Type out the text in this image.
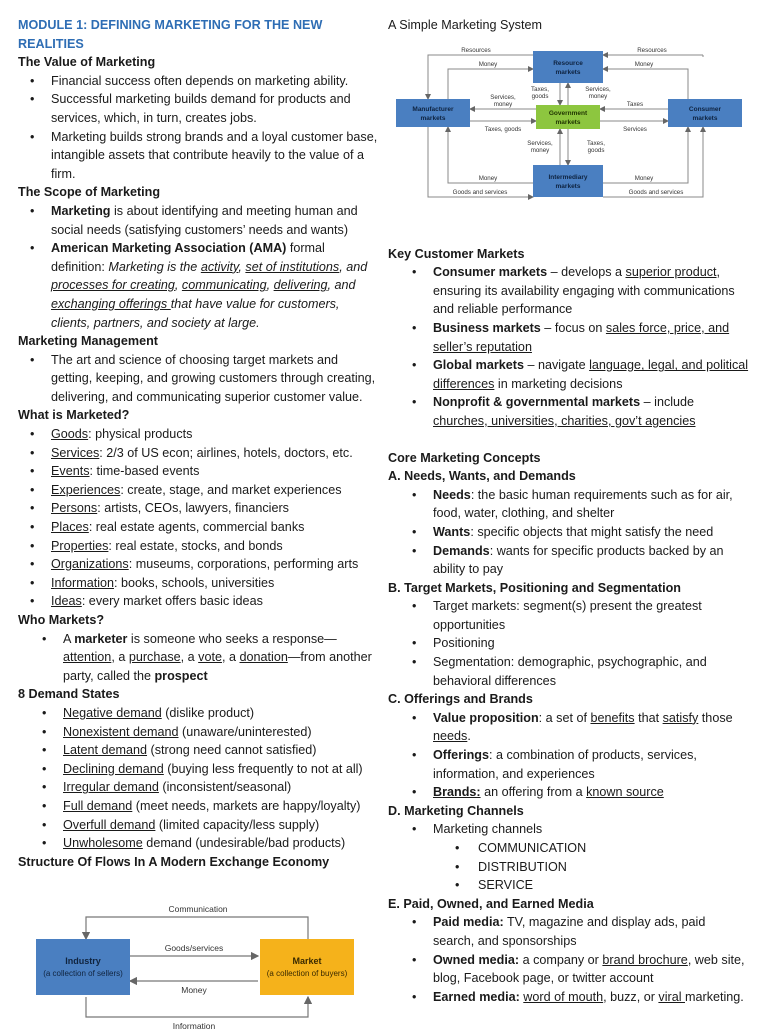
MODULE 1: DEFINING MARKETING FOR THE NEW REALITIES
The Value of Marketing
• Financial success often depends on marketing ability.
• Successful marketing builds demand for products and services, which, in turn, creates jobs.
• Marketing builds strong brands and a loyal customer base, intangible assets that contribute heavily to the value of a firm.
The Scope of Marketing
• Marketing is about identifying and meeting human and social needs (satisfying customers’ needs and wants)
• American Marketing Association (AMA) formal definition: Marketing is the activity, set of institutions, and processes for creating, communicating, delivering, and exchanging offerings that have value for customers, clients, partners, and society at large.
Marketing Management
• The art and science of choosing target markets and getting, keeping, and growing customers through creating, delivering, and communicating superior customer value.
What is Marketed?
• Goods: physical products
• Services: 2/3 of US econ; airlines, hotels, doctors, etc.
• Events: time-based events
• Experiences: create, stage, and market experiences
• Persons: artists, CEOs, lawyers, financiers
• Places: real estate agents, commercial banks
• Properties: real estate, stocks, and bonds
• Organizations: museums, corporations, performing arts
• Information: books, schools, universities
• Ideas: every market offers basic ideas
Who Markets?
• A marketer is someone who seeks a response—attention, a purchase, a vote, a donation—from another party, called the prospect
8 Demand States
• Negative demand (dislike product)
• Nonexistent demand (unaware/uninterested)
• Latent demand (strong need cannot satisfied)
• Declining demand (buying less frequently to not at all)
• Irregular demand (inconsistent/seasonal)
• Full demand (meet needs, markets are happy/loyalty)
• Overfull demand (limited capacity/less supply)
• Unwholesome demand (undesirable/bad products)
Structure Of Flows In A Modern Exchange Economy
Communication
Goods/services
Money
Information
Industry
(a collection of sellers)
Market
(a collection of buyers)
A Simple Marketing System
Resource
markets
Government
markets
Manufacturer
markets
Consumer
markets
Intermediary
markets
Resources	Resources
Money	Money
Taxes,
goods
Services,
money
Services,
money
Taxes, goods
Taxes
Services
Services,
money
Taxes,
goods
Money	Money
Goods and services	Goods and services
Key Customer Markets
• Consumer markets – develops a superior product, ensuring its availability engaging with communications and reliable performance
• Business markets – focus on sales force, price, and seller’s reputation
• Global markets – navigate language, legal, and political differences in marketing decisions
• Nonprofit & governmental markets – include churches, universities, charities, gov’t agencies
Core Marketing Concepts
A. Needs, Wants, and Demands
• Needs: the basic human requirements such as for air, food, water, clothing, and shelter
• Wants: specific objects that might satisfy the need
• Demands: wants for specific products backed by an ability to pay
B. Target Markets, Positioning and Segmentation
• Target markets: segment(s) present the greatest opportunities
• Positioning
• Segmentation: demographic, psychographic, and behavioral differences
C. Offerings and Brands
• Value proposition: a set of benefits that satisfy those needs.
• Offerings: a combination of products, services, information, and experiences
• Brands: an offering from a known source
D. Marketing Channels
• Marketing channels
• COMMUNICATION
• DISTRIBUTION
• SERVICE
E. Paid, Owned, and Earned Media
• Paid media: TV, magazine and display ads, paid search, and sponsorships
• Owned media: a company or brand brochure, web site, blog, Facebook page, or twitter account
• Earned media: word of mouth, buzz, or viral marketing.
